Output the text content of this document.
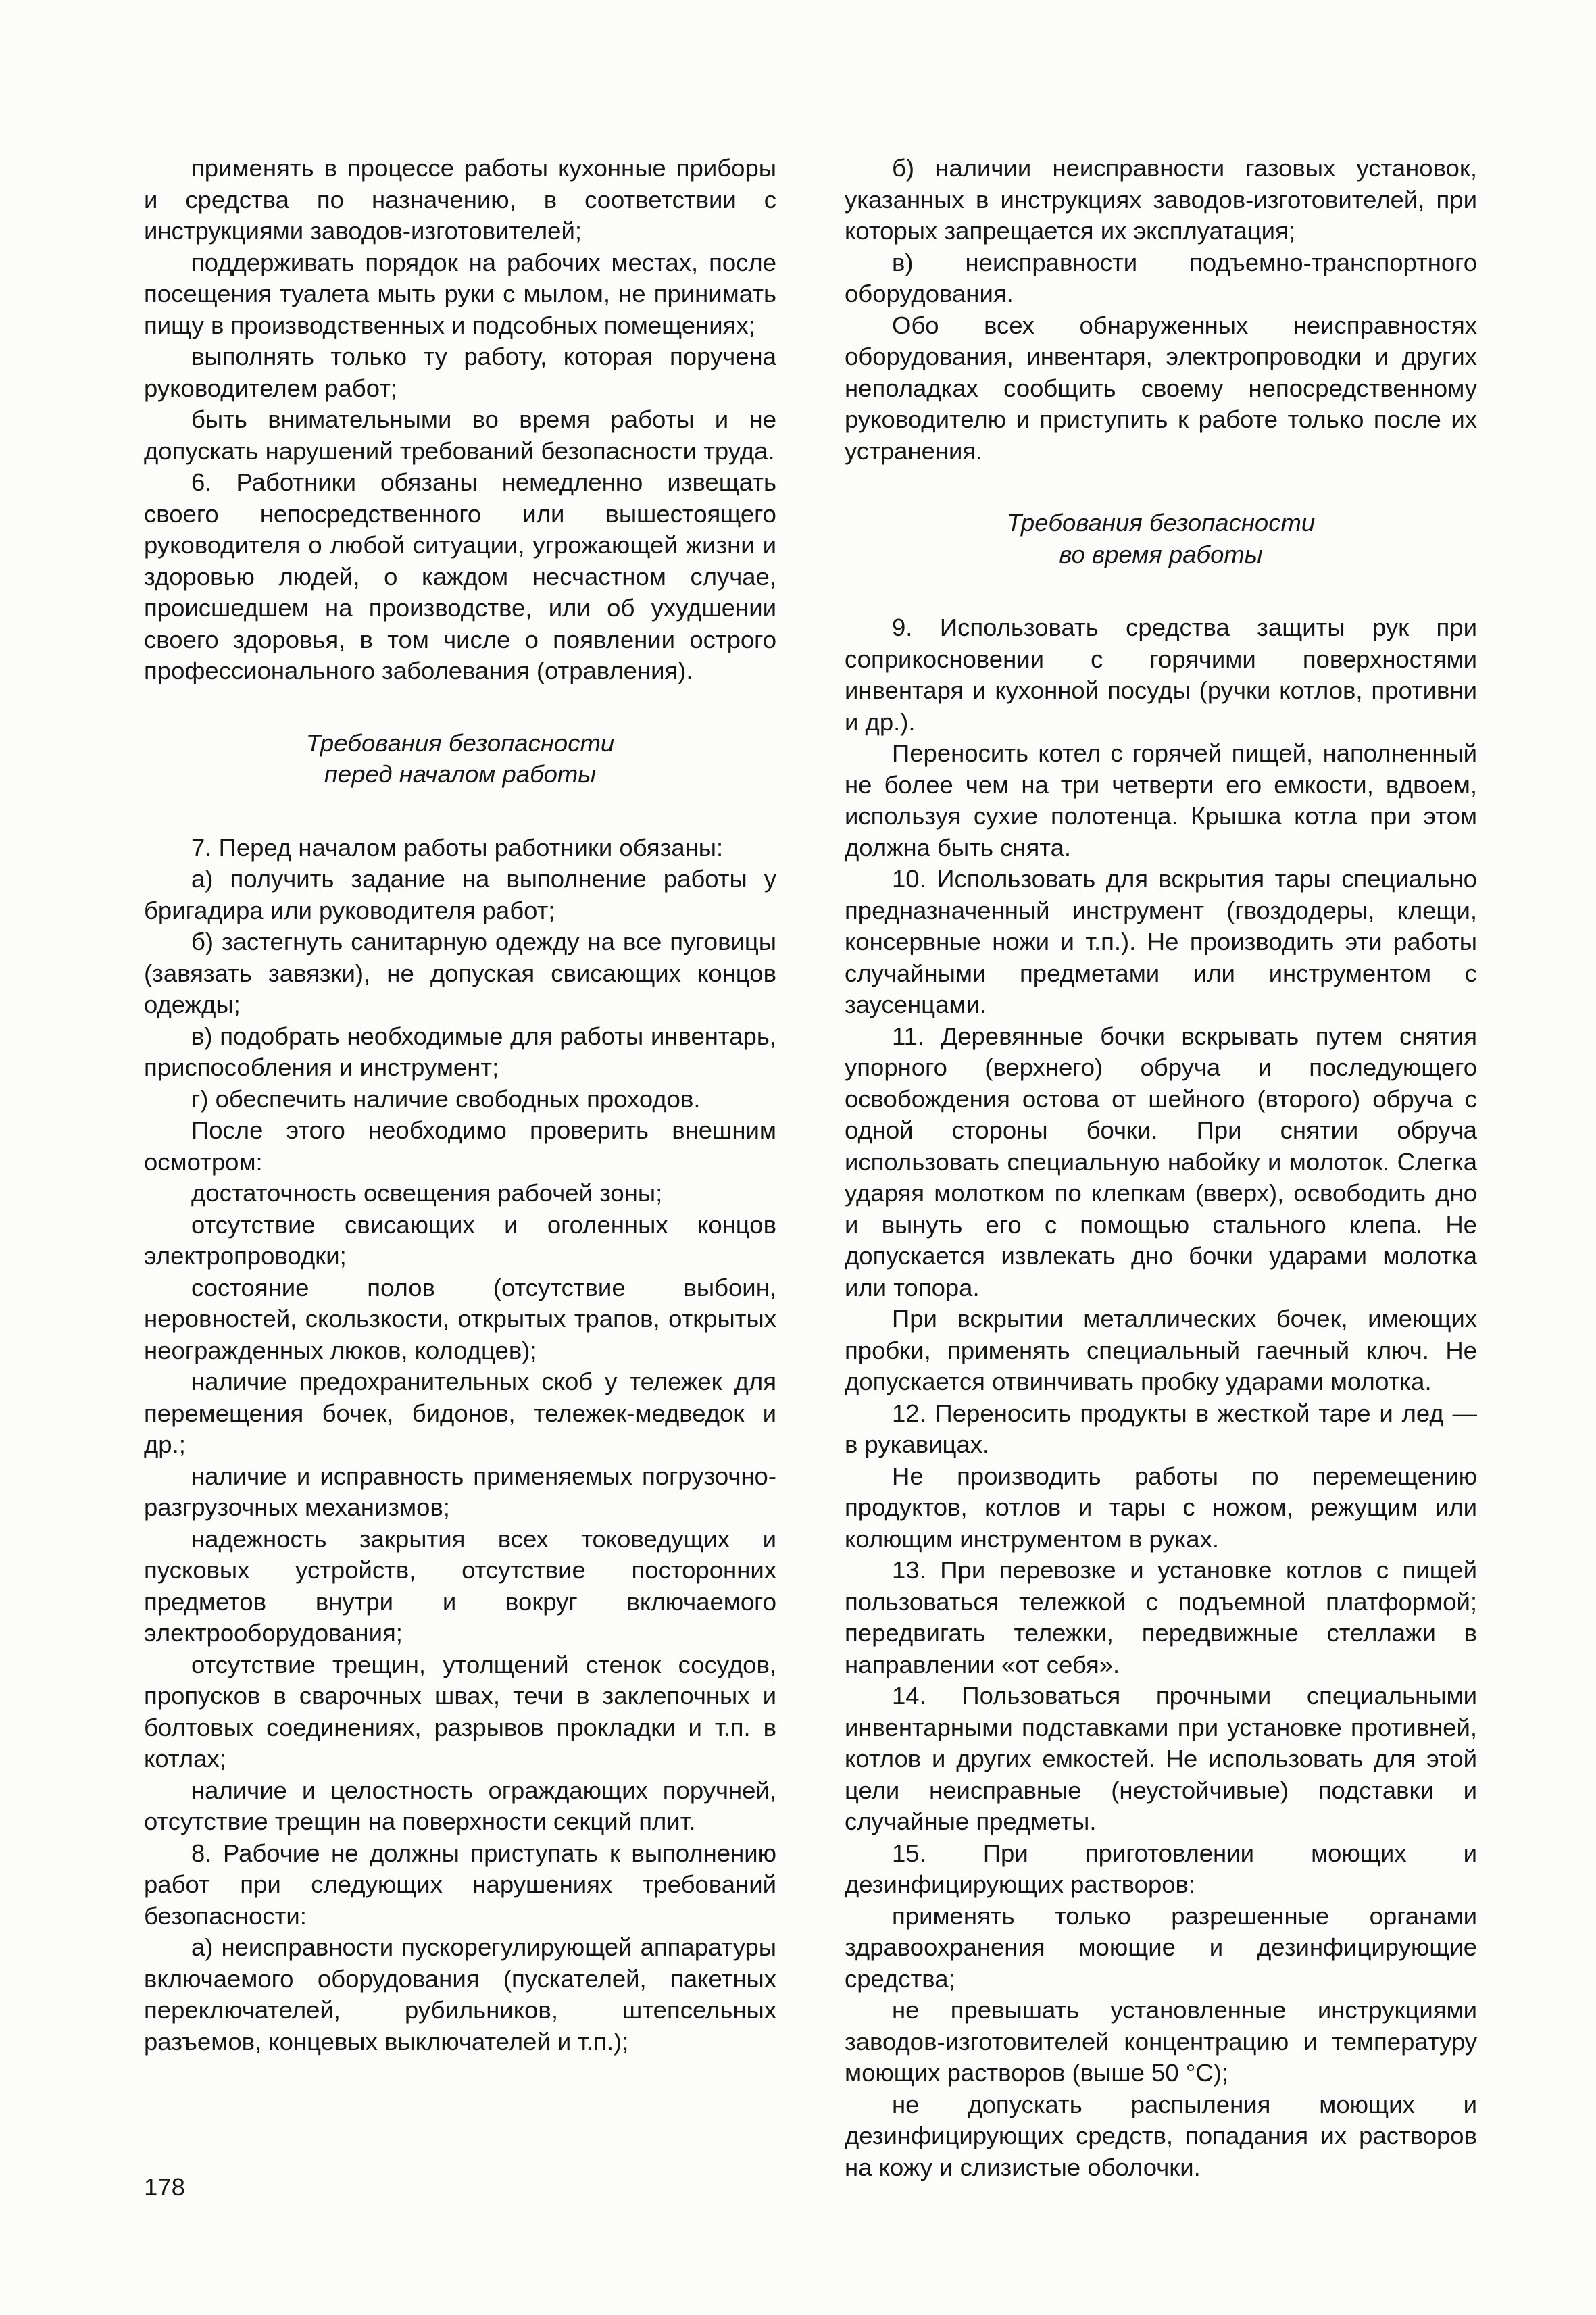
применять в процессе работы кухонные приборы и средства по назначению, в соответствии с инструкциями заводов-изготовителей;

поддерживать порядок на рабочих местах, после посещения туалета мыть руки с мылом, не принимать пищу в производственных и подсобных помещениях;

выполнять только ту работу, которая поручена руководителем работ;

быть внимательными во время работы и не допускать нарушений требований безопасности труда.

6. Работники обязаны немедленно извещать своего непосредственного или вышестоящего руководителя о любой ситуации, угрожающей жизни и здоровью людей, о каждом несчастном случае, происшедшем на производстве, или об ухудшении своего здоровья, в том числе о появлении острого профессионального заболевания (отравления).

Требования безопасности
перед началом работы

7. Перед началом работы работники обязаны:

а) получить задание на выполнение работы у бригадира или руководителя работ;

б) застегнуть санитарную одежду на все пуговицы (завязать завязки), не допуская свисающих концов одежды;

в) подобрать необходимые для работы инвентарь, приспособления и инструмент;

г) обеспечить наличие свободных проходов.

После этого необходимо проверить внешним осмотром:

достаточность освещения рабочей зоны;

отсутствие свисающих и оголенных концов электропроводки;

состояние полов (отсутствие выбоин, неровностей, скользкости, открытых трапов, открытых неогражденных люков, колодцев);

наличие предохранительных скоб у тележек для перемещения бочек, бидонов, тележек-медведок и др.;

наличие и исправность применяемых погрузочно-разгрузочных механизмов;

надежность закрытия всех токоведущих и пусковых устройств, отсутствие посторонних предметов внутри и вокруг включаемого электрооборудования;

отсутствие трещин, утолщений стенок сосудов, пропусков в сварочных швах, течи в заклепочных и болтовых соединениях, разрывов прокладки и т.п. в котлах;

наличие и целостность ограждающих поручней, отсутствие трещин на поверхности секций плит.

8. Рабочие не должны приступать к выполнению работ при следующих нарушениях требований безопасности:

а) неисправности пускорегулирующей аппаратуры включаемого оборудования (пускателей, пакетных переключателей, рубильников, штепсельных разъемов, концевых выключателей и т.п.);

б) наличии неисправности газовых установок, указанных в инструкциях заводов-изготовителей, при которых запрещается их эксплуатация;

в) неисправности подъемно-транспортного оборудования.

Обо всех обнаруженных неисправностях оборудования, инвентаря, электропроводки и других неполадках сообщить своему непосредственному руководителю и приступить к работе только после их устранения.

Требования безопасности
во время работы

9. Использовать средства защиты рук при соприкосновении с горячими поверхностями инвентаря и кухонной посуды (ручки котлов, противни и др.).

Переносить котел с горячей пищей, наполненный не более чем на три четверти его емкости, вдвоем, используя сухие полотенца. Крышка котла при этом должна быть снята.

10. Использовать для вскрытия тары специально предназначенный инструмент (гвоздодеры, клещи, консервные ножи и т.п.). Не производить эти работы случайными предметами или инструментом с заусенцами.

11. Деревянные бочки вскрывать путем снятия упорного (верхнего) обруча и последующего освобождения остова от шейного (второго) обруча с одной стороны бочки. При снятии обруча использовать специальную набойку и молоток. Слегка ударяя молотком по клепкам (вверх), освободить дно и вынуть его с помощью стального клепа. Не допускается извлекать дно бочки ударами молотка или топора.

При вскрытии металлических бочек, имеющих пробки, применять специальный гаечный ключ. Не допускается отвинчивать пробку ударами молотка.

12. Переносить продукты в жесткой таре и лед — в рукавицах.

Не производить работы по перемещению продуктов, котлов и тары с ножом, режущим или колющим инструментом в руках.

13. При перевозке и установке котлов с пищей пользоваться тележкой с подъемной платформой; передвигать тележки, передвижные стеллажи в направлении «от себя».

14. Пользоваться прочными специальными инвентарными подставками при установке противней, котлов и других емкостей. Не использовать для этой цели неисправные (неустойчивые) подставки и случайные предметы.

15. При приготовлении моющих и дезинфицирующих растворов:

применять только разрешенные органами здравоохранения моющие и дезинфицирующие средства;

не превышать установленные инструкциями заводов-изготовителей концентрацию и температуру моющих растворов (выше 50 °С);

не допускать распыления моющих и дезинфицирующих средств, попадания их растворов на кожу и слизистые оболочки.

178
